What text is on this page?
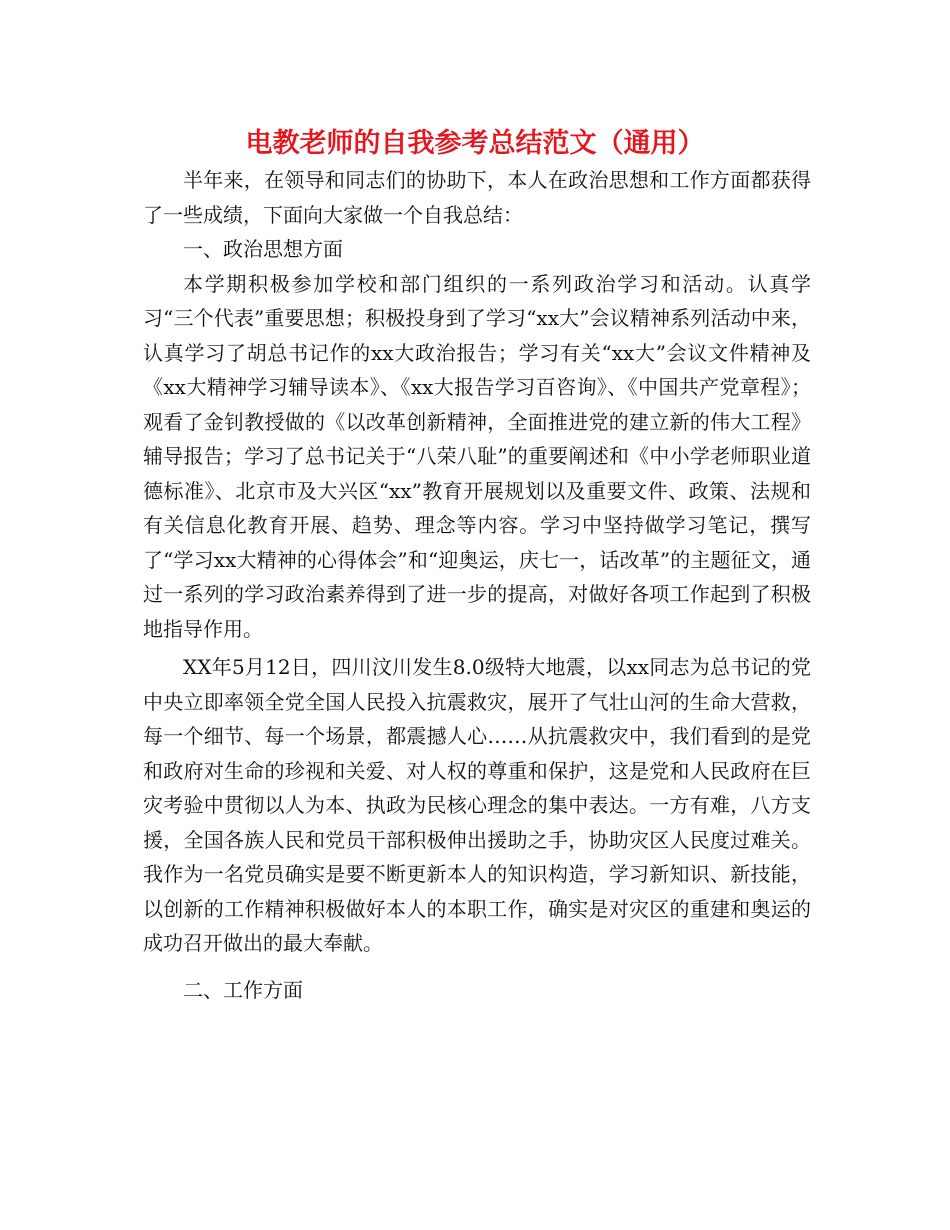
电教老师的自我参考总结范文（通用）

半年来，在领导和同志们的协助下，本人在政治思想和工作方面都获得了一些成绩，下面向大家做一个自我总结：

一、政治思想方面

本学期积极参加学校和部门组织的一系列政治学习和活动。认真学习“三个代表”重要思想；积极投身到了学习“xx大”会议精神系列活动中来，认真学习了胡总书记作的xx大政治报告；学习有关“xx大”会议文件精神及《xx大精神学习辅导读本》、《xx大报告学习百咨询》、《中国共产党章程》；观看了金钊教授做的《以改革创新精神，全面推进党的建立新的伟大工程》辅导报告；学习了总书记关于“八荣八耻”的重要阐述和《中小学老师职业道德标准》、北京市及大兴区“xx”教育开展规划以及重要文件、政策、法规和有关信息化教育开展、趋势、理念等内容。学习中坚持做学习笔记，撰写了“学习xx大精神的心得体会”和“迎奥运，庆七一，话改革”的主题征文，通过一系列的学习政治素养得到了进一步的提高，对做好各项工作起到了积极地指导作用。

XX年5月12日，四川汶川发生8.0级特大地震，以xx同志为总书记的党中央立即率领全党全国人民投入抗震救灾，展开了气壮山河的生命大营救，每一个细节、每一个场景，都震撼人心……从抗震救灾中，我们看到的是党和政府对生命的珍视和关爱、对人权的尊重和保护，这是党和人民政府在巨灾考验中贯彻以人为本、执政为民核心理念的集中表达。一方有难，八方支援，全国各族人民和党员干部积极伸出援助之手，协助灾区人民度过难关。我作为一名党员确实是要不断更新本人的知识构造，学习新知识、新技能，以创新的工作精神积极做好本人的本职工作，确实是对灾区的重建和奥运的成功召开做出的最大奉献。

二、工作方面
